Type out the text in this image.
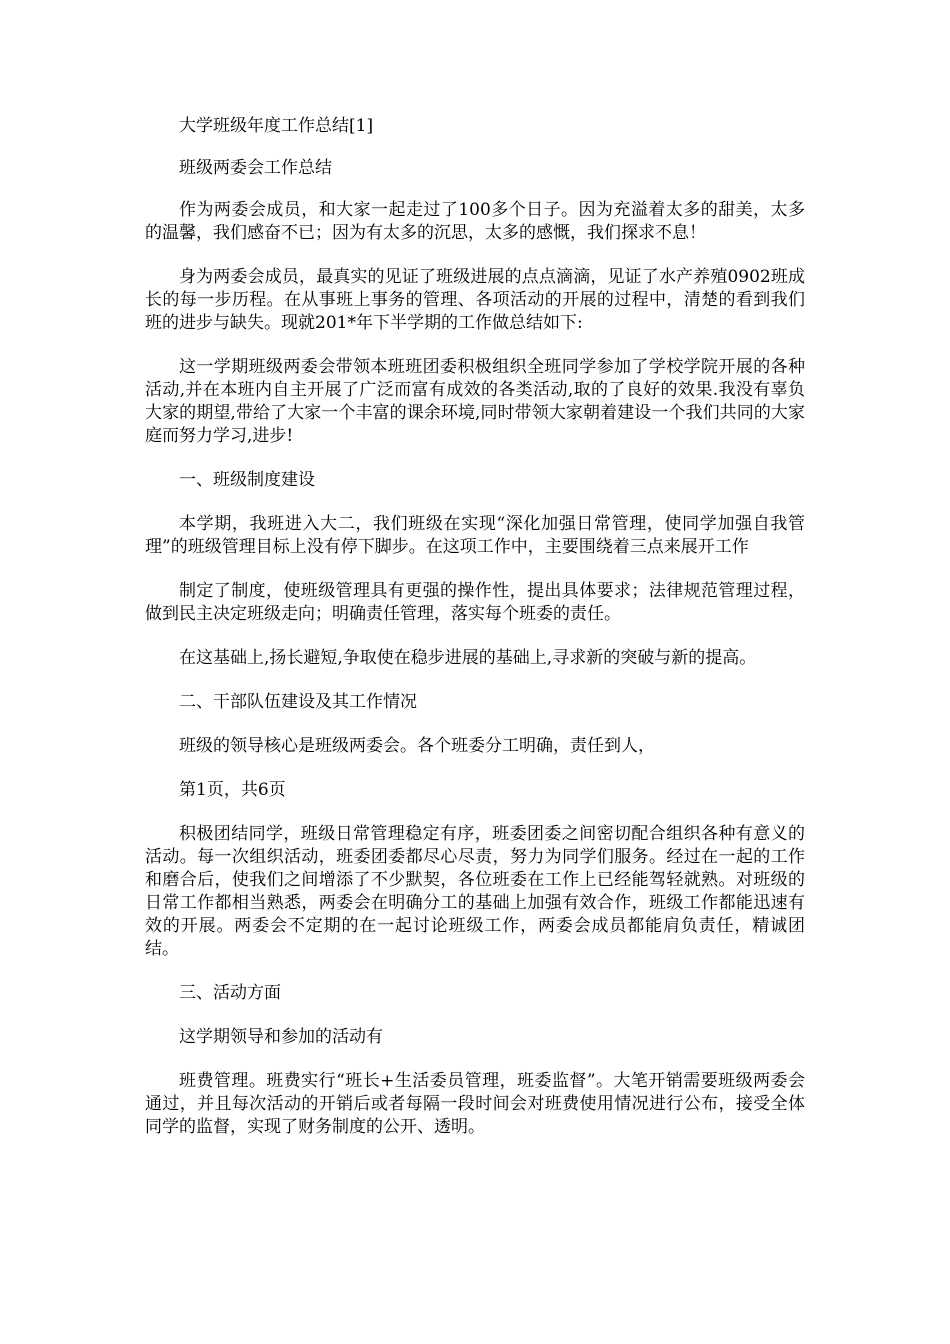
大学班级年度工作总结[1]

班级两委会工作总结

作为两委会成员，和大家一起走过了100多个日子。因为充溢着太多的甜美，太多的温馨，我们感奋不已；因为有太多的沉思，太多的感慨，我们探求不息！

身为两委会成员，最真实的见证了班级进展的点点滴滴，见证了水产养殖0902班成长的每一步历程。在从事班上事务的管理、各项活动的开展的过程中，清楚的看到我们班的进步与缺失。现就201*年下半学期的工作做总结如下:

这一学期班级两委会带领本班班团委积极组织全班同学参加了学校学院开展的各种活动,并在本班内自主开展了广泛而富有成效的各类活动,取的了良好的效果.我没有辜负大家的期望,带给了大家一个丰富的课余环境,同时带领大家朝着建设一个我们共同的大家庭而努力学习,进步!

一、班级制度建设

本学期，我班进入大二，我们班级在实现“深化加强日常管理，使同学加强自我管理”的班级管理目标上没有停下脚步。在这项工作中，主要围绕着三点来展开工作

制定了制度，使班级管理具有更强的操作性，提出具体要求；法律规范管理过程，做到民主决定班级走向；明确责任管理，落实每个班委的责任。

在这基础上,扬长避短,争取使在稳步进展的基础上,寻求新的突破与新的提高。

二、干部队伍建设及其工作情况

班级的领导核心是班级两委会。各个班委分工明确，责任到人，

第1页，共6页

积极团结同学，班级日常管理稳定有序，班委团委之间密切配合组织各种有意义的活动。每一次组织活动，班委团委都尽心尽责，努力为同学们服务。经过在一起的工作和磨合后，使我们之间增添了不少默契，各位班委在工作上已经能驾轻就熟。对班级的日常工作都相当熟悉，两委会在明确分工的基础上加强有效合作，班级工作都能迅速有效的开展。两委会不定期的在一起讨论班级工作，两委会成员都能肩负责任，精诚团结。

三、活动方面

这学期领导和参加的活动有

班费管理。班费实行“班长+生活委员管理，班委监督”。大笔开销需要班级两委会通过，并且每次活动的开销后或者每隔一段时间会对班费使用情况进行公布，接受全体同学的监督，实现了财务制度的公开、透明。
